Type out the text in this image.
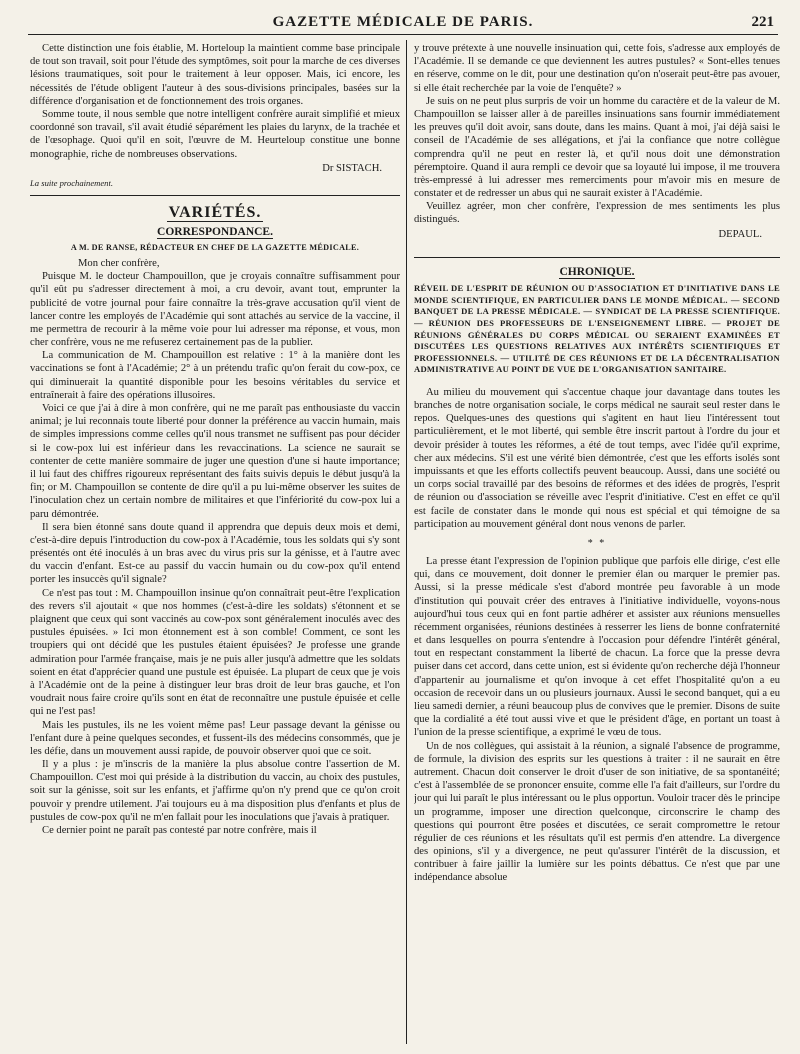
GAZETTE MÉDICALE DE PARIS.	221

Cette distinction une fois établie, M. Horteloup la maintient comme base principale de tout son travail, soit pour l'étude des symptômes, soit pour la marche de ces diverses lésions traumatiques, soit pour le traitement à leur opposer. Mais, ici encore, les nécessités de l'étude obligent l'auteur à des sous-divisions principales, basées sur la différence d'organisation et de fonctionnement des trois organes.

Somme toute, il nous semble que notre intelligent confrère aurait simplifié et mieux coordonné son travail, s'il avait étudié séparément les plaies du larynx, de la trachée et de l'œsophage. Quoi qu'il en soit, l'œuvre de M. Heurteloup constitue une bonne monographie, riche de nombreuses observations.

Dr SISTACH.

La suite prochainement.

VARIÉTÉS.
CORRESPONDANCE.
A M. DE RANSE, RÉDACTEUR EN CHEF DE LA GAZETTE MÉDICALE.

Mon cher confrère,

Puisque M. le docteur Champouillon, que je croyais connaître suffisamment pour qu'il eût pu s'adresser directement à moi, a cru devoir, avant tout, emprunter la publicité de votre journal pour faire connaître la très-grave accusation qu'il vient de lancer contre les employés de l'Académie qui sont attachés au service de la vaccine, il me permettra de recourir à la même voie pour lui adresser ma réponse, et vous, mon cher confrère, vous ne me refuserez certainement pas de la publier.

La communication de M. Champouillon est relative : 1° à la manière dont les vaccinations se font à l'Académie; 2° à un prétendu trafic qu'on ferait du cow-pox, ce qui diminuerait la quantité disponible pour les besoins véritables du service et entraînerait à faire des opérations illusoires.

Voici ce que j'ai à dire à mon confrère, qui ne me paraît pas enthousiaste du vaccin animal; je lui reconnais toute liberté pour donner la préférence au vaccin humain, mais de simples impressions comme celles qu'il nous transmet ne suffisent pas pour décider si le cow-pox lui est inférieur dans les revaccinations. La science ne saurait se contenter de cette manière sommaire de juger une question d'une si haute importance; il lui faut des chiffres rigoureux représentant des faits suivis depuis le début jusqu'à la fin; or M. Champouillon se contente de dire qu'il a pu lui-même observer les suites de l'inoculation chez un certain nombre de militaires et que l'infériorité du cow-pox lui a paru démontrée.

Il sera bien étonné sans doute quand il apprendra que depuis deux mois et demi, c'est-à-dire depuis l'introduction du cow-pox à l'Académie, tous les soldats qui s'y sont présentés ont été inoculés à un bras avec du virus pris sur la génisse, et à l'autre avec du vaccin d'enfant. Est-ce au passif du vaccin humain ou du cow-pox qu'il entend porter les insuccès qu'il signale?

Ce n'est pas tout : M. Champouillon insinue qu'on connaîtrait peut-être l'explication des revers s'il ajoutait « que nos hommes (c'est-à-dire les soldats) s'étonnent et se plaignent que ceux qui sont vaccinés au cow-pox sont généralement inoculés avec des pustules épuisées. » Ici mon étonnement est à son comble! Comment, ce sont les troupiers qui ont décidé que les pustules étaient épuisées? Je professe une grande admiration pour l'armée française, mais je ne puis aller jusqu'à admettre que les soldats soient en état d'apprécier quand une pustule est épuisée. La plupart de ceux que je vois à l'Académie ont de la peine à distinguer leur bras droit de leur bras gauche, et l'on voudrait nous faire croire qu'ils sont en état de reconnaître une pustule épuisée et celle qui ne l'est pas!

Mais les pustules, ils ne les voient même pas! Leur passage devant la génisse ou l'enfant dure à peine quelques secondes, et fussent-ils des médecins consommés, que je les défie, dans un mouvement aussi rapide, de pouvoir observer quoi que ce soit.

Il y a plus : je m'inscris de la manière la plus absolue contre l'assertion de M. Champouillon. C'est moi qui préside à la distribution du vaccin, au choix des pustules, soit sur la génisse, soit sur les enfants, et j'affirme qu'on n'y prend que ce qu'on croit pouvoir y prendre utilement. J'ai toujours eu à ma disposition plus d'enfants et plus de pustules de cow-pox qu'il ne m'en fallait pour les inoculations que j'avais à pratiquer.

Ce dernier point ne paraît pas contesté par notre confrère, mais il

y trouve prétexte à une nouvelle insinuation qui, cette fois, s'adresse aux employés de l'Académie. Il se demande ce que deviennent les autres pustules? « Sont-elles tenues en réserve, comme on le dit, pour une destination qu'on n'oserait peut-être pas avouer, si elle était recherchée par la voie de l'enquête? »

Je suis on ne peut plus surpris de voir un homme du caractère et de la valeur de M. Champouillon se laisser aller à de pareilles insinuations sans fournir immédiatement les preuves qu'il doit avoir, sans doute, dans les mains. Quant à moi, j'ai déjà saisi le conseil de l'Académie de ses allégations, et j'ai la confiance que notre collègue comprendra qu'il ne peut en rester là, et qu'il nous doit une démonstration péremptoire. Quand il aura rempli ce devoir que sa loyauté lui impose, il me trouvera très-empressé à lui adresser mes remerciments pour m'avoir mis en mesure de constater et de redresser un abus qui ne saurait exister à l'Académie.

Veuillez agréer, mon cher confrère, l'expression de mes sentiments les plus distingués.

DEPAUL.

CHRONIQUE.

RÉVEIL DE L'ESPRIT DE RÉUNION OU D'ASSOCIATION ET D'INITIATIVE DANS LE MONDE SCIENTIFIQUE, EN PARTICULIER DANS LE MONDE MÉDICAL. — SECOND BANQUET DE LA PRESSE MÉDICALE. — SYNDICAT DE LA PRESSE SCIENTIFIQUE. — RÉUNION DES PROFESSEURS DE L'ENSEIGNEMENT LIBRE. — PROJET DE RÉUNIONS GÉNÉRALES DU CORPS MÉDICAL OU SERAIENT EXAMINÉES ET DISCUTÉES LES QUESTIONS RELATIVES AUX INTÉRÊTS SCIENTIFIQUES ET PROFESSIONNELS. — UTILITÉ DE CES RÉUNIONS ET DE LA DÉCENTRALISATION ADMINISTRATIVE AU POINT DE VUE DE L'ORGANISATION SANITAIRE.

Au milieu du mouvement qui s'accentue chaque jour davantage dans toutes les branches de notre organisation sociale, le corps médical ne saurait seul rester dans le repos. Quelques-unes des questions qui s'agitent en haut lieu l'intéressent tout particulièrement, et le mot liberté, qui semble être inscrit partout à l'ordre du jour et devoir présider à toutes les réformes, a été de tout temps, avec l'idée qu'il exprime, cher aux médecins. S'il est une vérité bien démontrée, c'est que les efforts isolés sont impuissants et que les efforts collectifs peuvent beaucoup. Aussi, dans une société ou un corps social travaillé par des besoins de réformes et des idées de progrès, l'esprit de réunion ou d'association se réveille avec l'esprit d'initiative. C'est en effet ce qu'il est facile de constater dans le monde qui nous est spécial et qui témoigne de sa participation au mouvement général dont nous venons de parler.

* *

La presse étant l'expression de l'opinion publique que parfois elle dirige, c'est elle qui, dans ce mouvement, doit donner le premier élan ou marquer le premier pas. Aussi, si la presse médicale s'est d'abord montrée peu favorable à un mode d'institution qui pouvait créer des entraves à l'initiative individuelle, voyons-nous aujourd'hui tous ceux qui en font partie adhérer et assister aux réunions mensuelles récemment organisées, réunions destinées à resserrer les liens de bonne confraternité et dans lesquelles on pourra s'entendre à l'occasion pour défendre l'intérêt général, tout en respectant constamment la liberté de chacun. La force que la presse devra puiser dans cet accord, dans cette union, est si évidente qu'on recherche déjà l'honneur d'appartenir au journalisme et qu'on invoque à cet effet l'hospitalité qu'on a eu occasion de recevoir dans un ou plusieurs journaux. Aussi le second banquet, qui a eu lieu samedi dernier, a réuni beaucoup plus de convives que le premier. Disons de suite que la cordialité a été tout aussi vive et que le président d'âge, en portant un toast à l'union de la presse scientifique, a exprimé le vœu de tous.

Un de nos collègues, qui assistait à la réunion, a signalé l'absence de programme, de formule, la division des esprits sur les questions à traiter : il ne saurait en être autrement. Chacun doit conserver le droit d'user de son initiative, de sa spontanéité; c'est à l'assemblée de se prononcer ensuite, comme elle l'a fait d'ailleurs, sur l'ordre du jour qui lui paraît le plus intéressant ou le plus opportun. Vouloir tracer dès le principe un programme, imposer une direction quelconque, circonscrire le champ des questions qui pourront être posées et discutées, ce serait compromettre le retour régulier de ces réunions et les résultats qu'il est permis d'en attendre. La divergence des opinions, s'il y a divergence, ne peut qu'assurer l'intérêt de la discussion, et contribuer à faire jaillir la lumière sur les points débattus. Ce n'est que par une indépendance absolue
